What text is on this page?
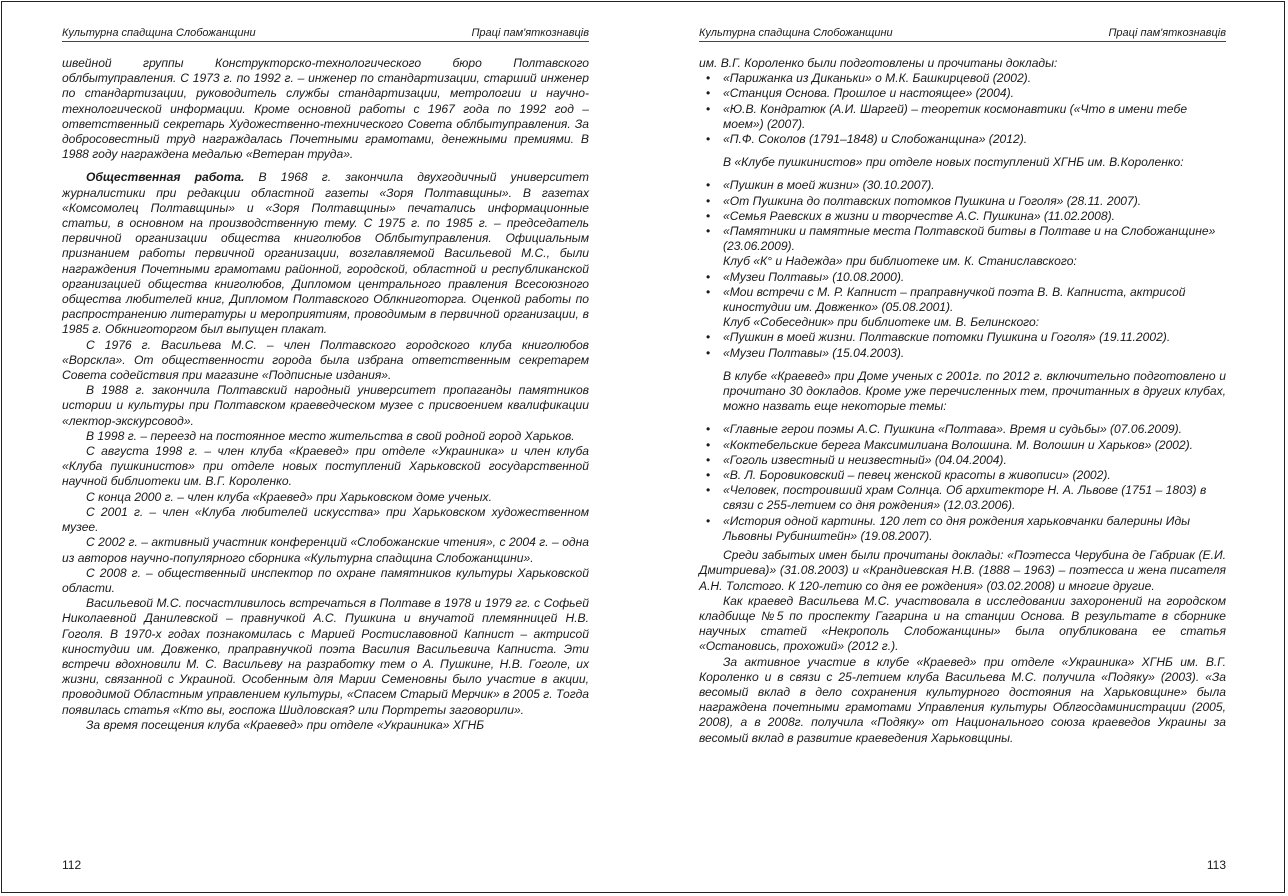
Культурна спадщина Слобожанщини	Праці пам'яткознавців

швейной группы Конструкторско-технологического бюро Полтавского облбытуправления. С 1973 г. по 1992 г. – инженер по стандартизации, старший инженер по стандартизации, руководитель службы стандартизации, метрологии и научно-технологической информации. Кроме основной работы с 1967 года по 1992 год – ответственный секретарь Художественно-технического Совета облбытуправления. За добросовестный труд награждалась Почетными грамотами, денежными премиями. В 1988 году награждена медалью «Ветеран труда».

Общественная работа. В 1968 г. закончила двухгодичный университет журналистики при редакции областной газеты «Зоря Полтавщины». В газетах «Комсомолец Полтавщины» и «Зоря Полтавщины» печатались информационные статьи, в основном на производственную тему. С 1975 г. по 1985 г. – председатель первичной организации общества книголюбов Облбытуправления. Официальным признанием работы первичной организации, возглавляемой Васильевой М.С., были награждения Почетными грамотами районной, городской, областной и республиканской организацией общества книголюбов, Дипломом центрального правления Всесоюзного общества любителей книг, Дипломом Полтавского Облкниготорга. Оценкой работы по распространению литературы и мероприятиям, проводимым в первичной организации, в 1985 г. Обкниготоргом был выпущен плакат.

С 1976 г. Васильева М.С. – член Полтавского городского клуба книголюбов «Ворскла». От общественности города была избрана ответственным секретарем Совета содействия при магазине «Подписные издания».

В 1988 г. закончила Полтавский народный университет пропаганды памятников истории и культуры при Полтавском краеведческом музее с присвоением квалификации «лектор-экскурсовод».

В 1998 г. – переезд на постоянное место жительства в свой родной город Харьков.

С августа 1998 г. – член клуба «Краевед» при отделе «Украиника» и член клуба «Клуба пушкинистов» при отделе новых поступлений Харьковской государственной научной библиотеки им. В.Г. Короленко.

С конца 2000 г. – член клуба «Краевед» при Харьковском доме ученых.

С 2001 г. – член «Клуба любителей искусства» при Харьковском художественном музее.

С 2002 г. – активный участник конференций «Слобожанские чтения», с 2004 г. – одна из авторов научно-популярного сборника «Культурна спадщина Слобожанщини».

С 2008 г. – общественный инспектор по охране памятников культуры Харьковской области.

Васильевой М.С. посчастливилось встречаться в Полтаве в 1978 и 1979 гг. с Софьей Николаевной Данилевской – правнучкой А.С. Пушкина и внучатой племянницей Н.В. Гоголя. В 1970-х годах познакомилась с Марией Ростиславовной Капнист – актрисой киностудии им. Довженко, праправнучкой поэта Василия Васильевича Капниста. Эти встречи вдохновили М. С. Васильеву на разработку тем о А. Пушкине, Н.В. Гоголе, их жизни, связанной с Украиной. Особенным для Марии Семеновны было участие в акции, проводимой Областным управлением культуры, «Спасем Старый Мерчик» в 2005 г. Тогда появилась статья «Кто вы, госпожа Шидловская? или Портреты заговорили».

За время посещения клуба «Краевед» при отделе «Украиника» ХГНБ

112
Культурна спадщина Слобожанщини	Праці пам'яткознавців

им. В.Г. Короленко были подготовлены и прочитаны доклады:

• «Парижанка из Диканьки» о М.К. Башкирцевой (2002).
• «Станция Основа. Прошлое и настоящее» (2004).
• «Ю.В. Кондратюк (А.И. Шаргей) – теоретик космонавтики («Что в имени тебе моем») (2007).
• «П.Ф. Соколов (1791–1848) и Слобожанщина» (2012).

В «Клубе пушкинистов» при отделе новых поступлений ХГНБ им. В.Короленко:

• «Пушкин в моей жизни» (30.10.2007).
• «От Пушкина до полтавских потомков Пушкина и Гоголя» (28.11. 2007).
• «Семья Раевских в жизни и творчестве А.С. Пушкина» (11.02.2008).
• «Памятники и памятные места Полтавской битвы в Полтаве и на Слобожанщине» (23.06.2009).

Клуб «К° и Надежда» при библиотеке им. К. Станиславского:

• «Музеи Полтавы» (10.08.2000).
• «Мои встречи с М. Р. Капнист – праправнучкой поэта В. В. Капниста, актрисой киностудии им. Довженко» (05.08.2001).

Клуб «Собеседник» при библиотеке им. В. Белинского:

• «Пушкин в моей жизни. Полтавские потомки Пушкина и Гоголя» (19.11.2002).
• «Музеи Полтавы» (15.04.2003).

В клубе «Краевед» при Доме ученых с 2001г. по 2012 г. включительно подготовлено и прочитано 30 докладов. Кроме уже перечисленных тем, прочитанных в других клубах, можно назвать еще некоторые темы:

• «Главные герои поэмы А.С. Пушкина «Полтава». Время и судьбы» (07.06.2009).
• «Коктебельские берега Максимилиана Волошина. М. Волошин и Харьков» (2002).
• «Гоголь известный и неизвестный» (04.04.2004).
• «В. Л. Боровиковский – певец женской красоты в живописи» (2002).
• «Человек, построивший храм Солнца. Об архитекторе Н. А. Львове (1751 – 1803) в связи с 255-летием со дня рождения» (12.03.2006).
• «История одной картины. 120 лет со дня рождения харьковчанки балерины Иды Львовны Рубинштейн» (19.08.2007).

Среди забытых имен были прочитаны доклады: «Поэтесса Черубина де Габриак (Е.И. Дмитриева)» (31.08.2003) и «Крандиевская Н.В. (1888 – 1963) – поэтесса и жена писателя А.Н. Толстого. К 120-летию со дня ее рождения» (03.02.2008) и многие другие.

Как краевед Васильева М.С. участвовала в исследовании захоронений на городском кладбище №5 по проспекту Гагарина и на станции Основа. В результате в сборнике научных статей «Некрополь Слобожанщины» была опубликована ее статья «Остановись, прохожий» (2012 г.).

За активное участие в клубе «Краевед» при отделе «Украиника» ХГНБ им. В.Г. Короленко и в связи с 25-летием клуба Васильева М.С. получила «Подяку» (2003). «За весомый вклад в дело сохранения культурного достояния на Харьковщине» была награждена почетными грамотами Управления культуры Облгосдаминистрации (2005, 2008), а в 2008г. получила «Подяку» от Национального союза краеведов Украины за весомый вклад в развитие краеведения Харьковщины.

113
